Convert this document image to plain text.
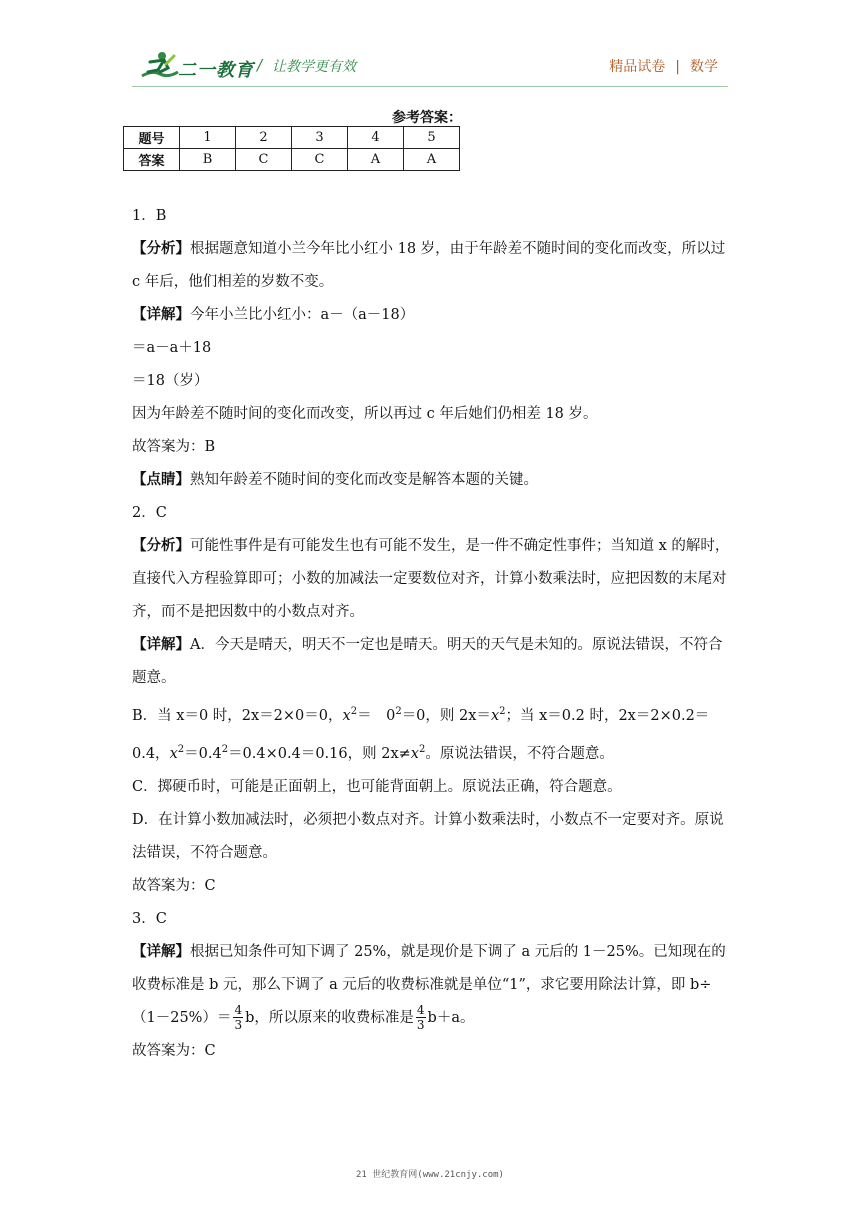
二一教育 / 让教学更有效	精品试卷 | 数学
参考答案：
题号	1	2	3	4	5
答案	B	C	C	A	A

1．B

【分析】根据题意知道小兰今年比小红小 18 岁，由于年龄差不随时间的变化而改变，所以过 c 年后，他们相差的岁数不变。

【详解】今年小兰比小红小：a－（a－18）

＝a－a＋18

＝18（岁）

因为年龄差不随时间的变化而改变，所以再过 c 年后她们仍相差 18 岁。

故答案为：B

【点睛】熟知年龄差不随时间的变化而改变是解答本题的关键。

2．C

【分析】可能性事件是有可能发生也有可能不发生，是一件不确定性事件；当知道 x 的解时，直接代入方程验算即可；小数的加减法一定要数位对齐，计算小数乘法时，应把因数的末尾对齐，而不是把因数中的小数点对齐。

【详解】A．今天是晴天，明天不一定也是晴天。明天的天气是未知的。原说法错误，不符合题意。

B．当 x＝0 时，2x＝2×0＝0，$x^2=$　$0^2=0$，则 $2x=x^2$；当 x＝0.2 时，2x＝2×0.2＝0.4，$x^2=0.4^2=0.4\times 0.4=0.16$，则 $2x\ne x^2$。原说法错误，不符合题意。

C．掷硬币时，可能是正面朝上，也可能背面朝上。原说法正确，符合题意。

D．在计算小数加减法时，必须把小数点对齐。计算小数乘法时，小数点不一定要对齐。原说法错误，不符合题意。

故答案为：C

3．C

【详解】根据已知条件可知下调了 25%，就是现价是下调了 a 元后的 1－25%。已知现在的收费标准是 b 元，那么下调了 a 元后的收费标准就是单位“1”，求它要用除法计算，即 $b\div(1-25\%)= \frac{4}{3}$ b，所以原来的收费标准是 $\frac{4}{3} b+a$。

故答案为：C

21 世纪教育网(www.21cnjy.com)
